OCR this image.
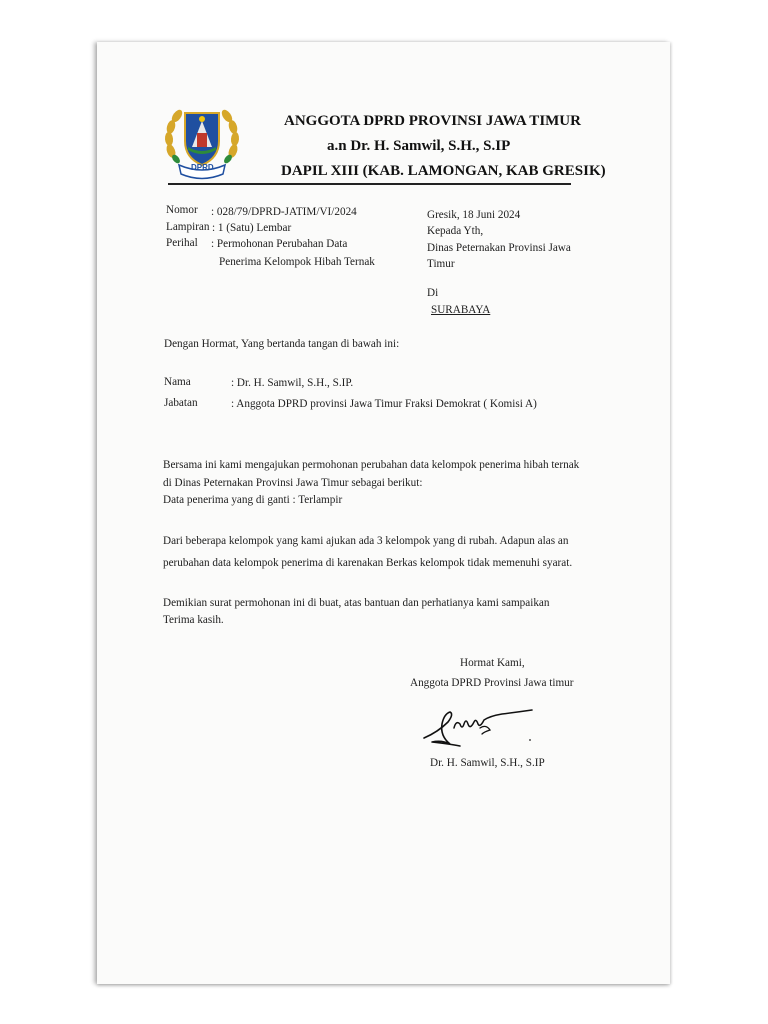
DPRD
ANGGOTA DPRD PROVINSI JAWA TIMUR
a.n Dr. H. Samwil, S.H., S.IP
DAPIL XIII (KAB. LAMONGAN, KAB GRESIK)
Nomor : 028/79/DPRD-JATIM/VI/2024
Lampiran : 1 (Satu) Lembar
Perihal : Permohonan Perubahan Data
Penerima Kelompok Hibah Ternak
Gresik, 18 Juni 2024
Kepada Yth,
Dinas Peternakan Provinsi Jawa
Timur
Di
SURABAYA
Dengan Hormat, Yang bertanda tangan di bawah ini:
Nama	: Dr. H. Samwil, S.H., S.IP.
Jabatan	: Anggota DPRD provinsi Jawa Timur Fraksi Demokrat ( Komisi A)
Bersama ini kami mengajukan permohonan perubahan data kelompok penerima hibah ternak
di Dinas Peternakan Provinsi Jawa Timur sebagai berikut:
Data penerima yang di ganti : Terlampir
Dari beberapa kelompok yang kami ajukan ada 3 kelompok yang di rubah. Adapun alas an
perubahan data kelompok penerima di karenakan Berkas kelompok tidak memenuhi syarat.
Demikian surat permohonan ini di buat, atas bantuan dan perhatianya kami sampaikan
Terima kasih.
Hormat Kami,
Anggota DPRD Provinsi Jawa timur
Dr. H. Samwil, S.H., S.IP
